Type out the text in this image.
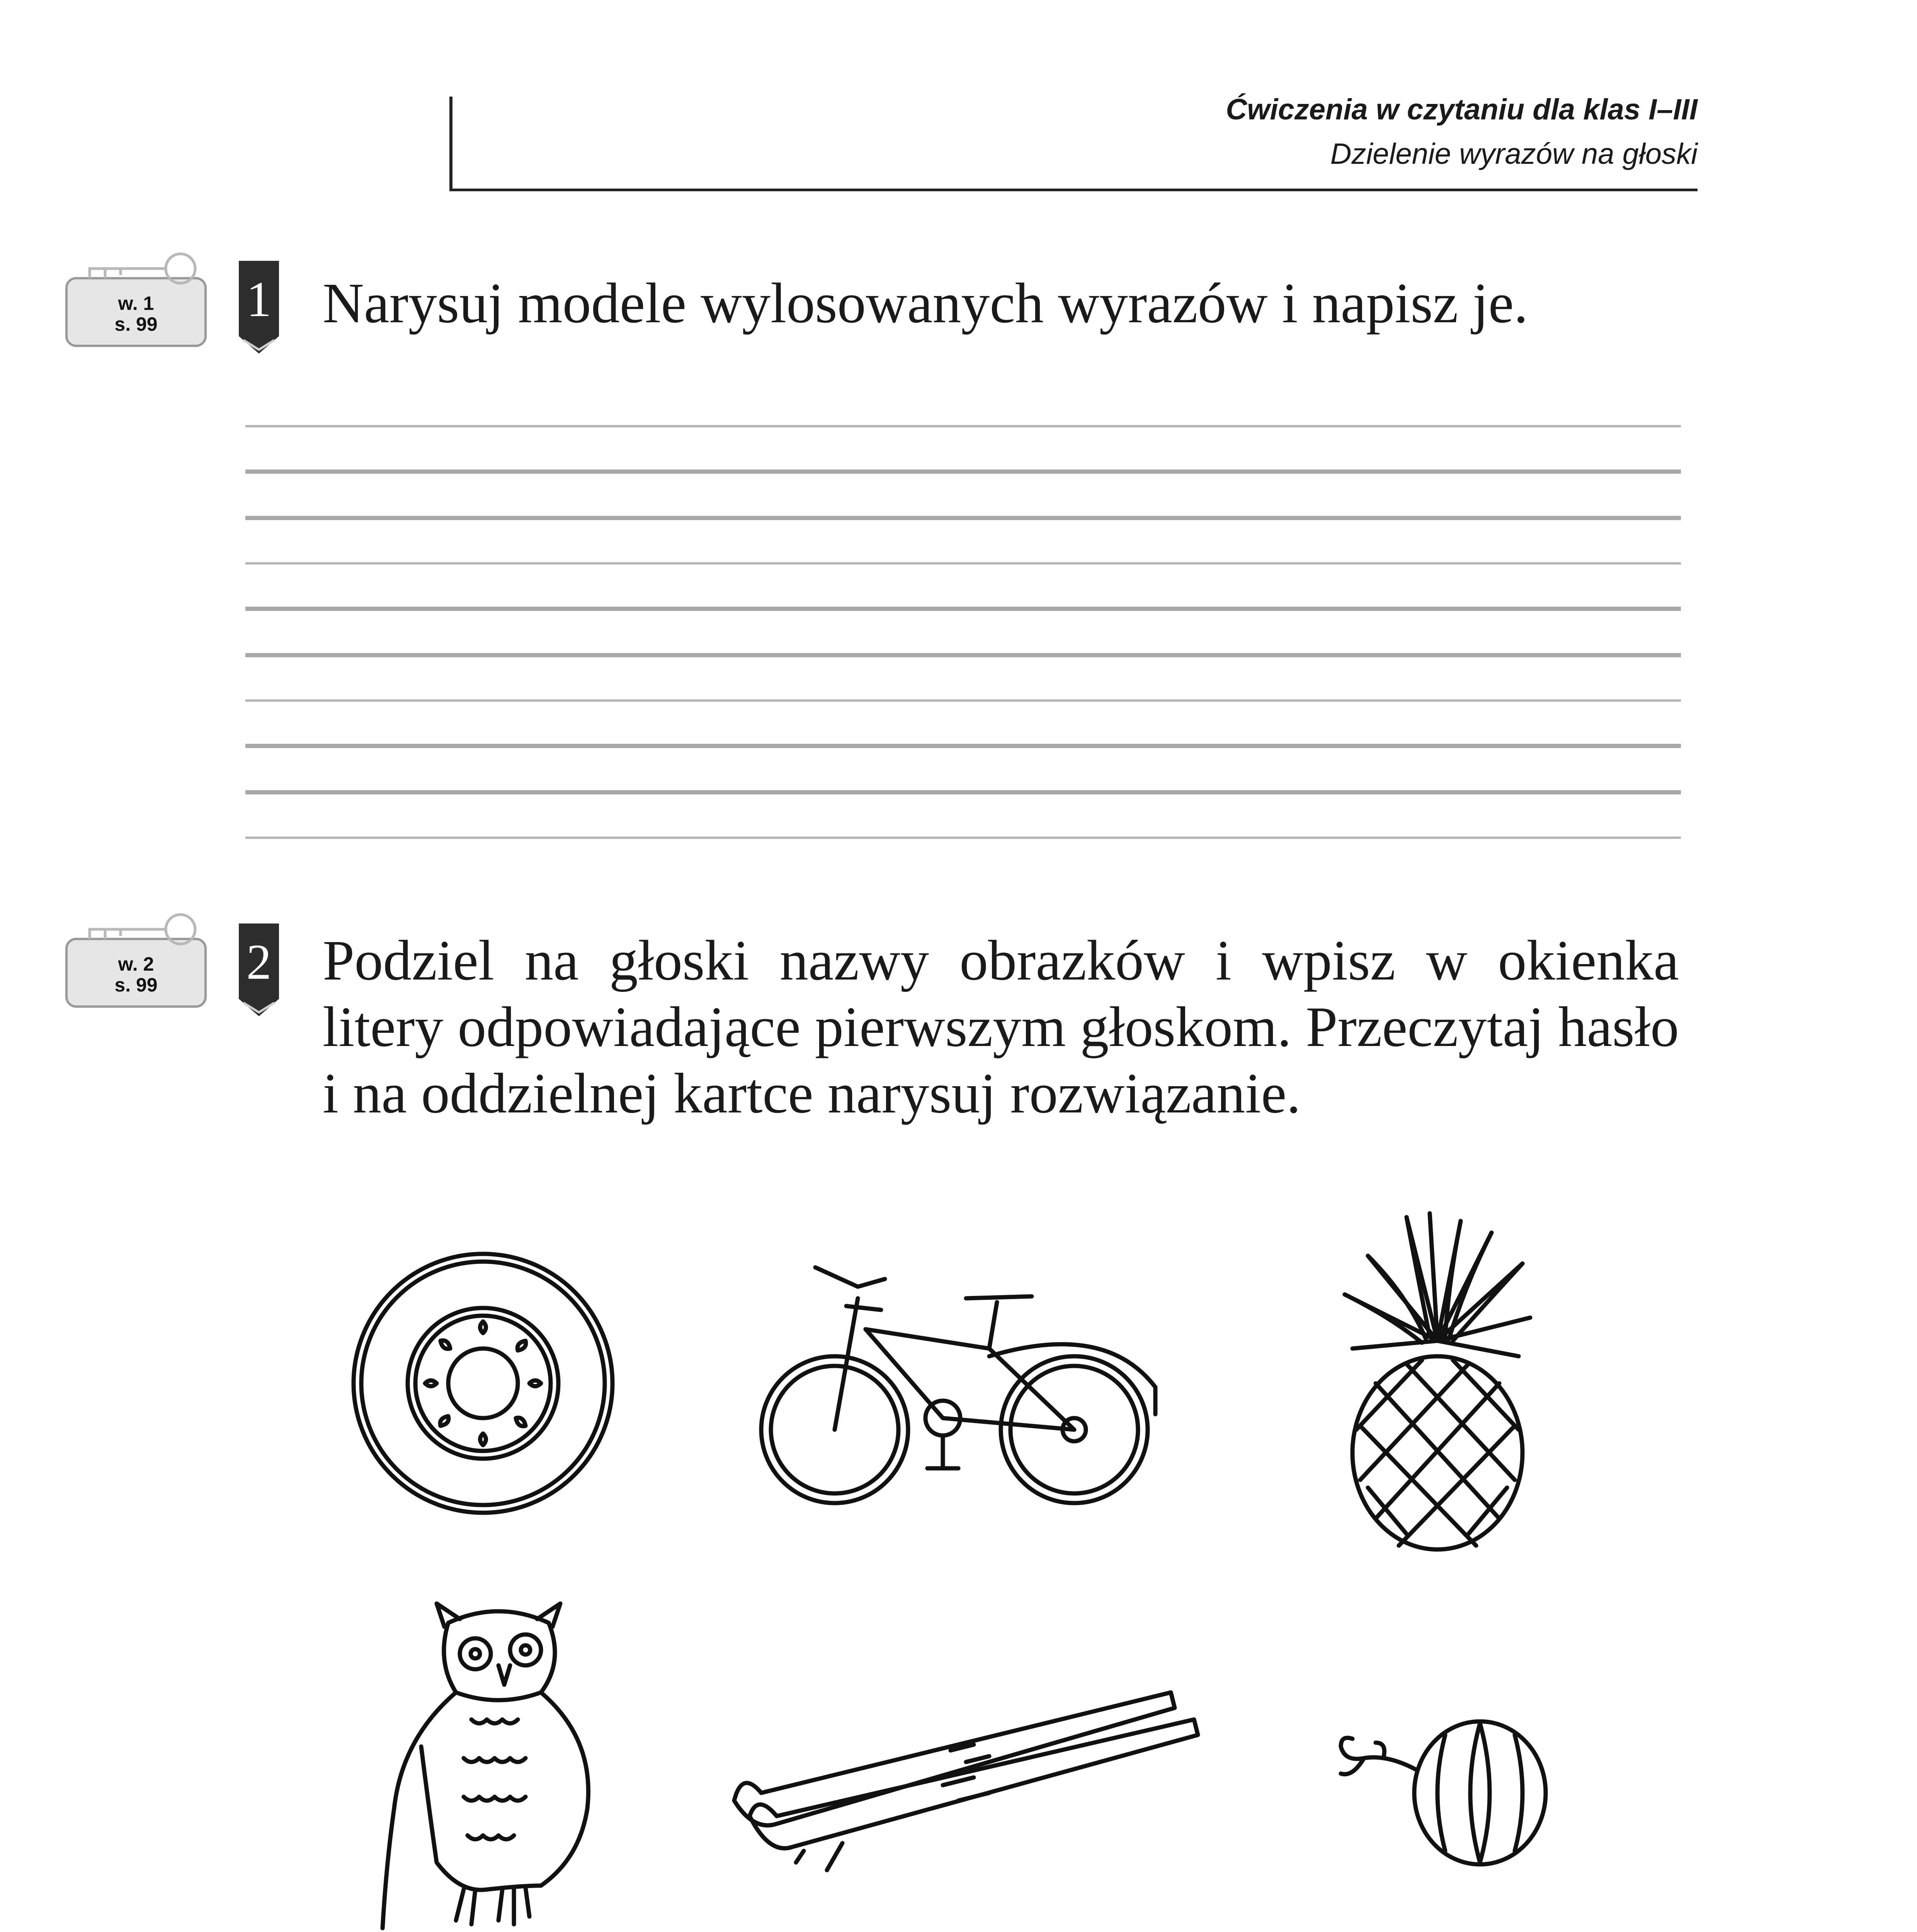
Ćwiczenia w czytaniu dla klas I–III
Dzielenie wyrazów na głoski
w. 1
s. 99	1 Narysuj modele wylosowanych wyrazów i napisz je.
w. 2
s. 99	2 Podziel na głoski nazwy obrazków i wpisz w okienka litery odpowiadające pierwszym głoskom. Przeczytaj hasło i na oddzielnej kartce narysuj rozwiązanie.
